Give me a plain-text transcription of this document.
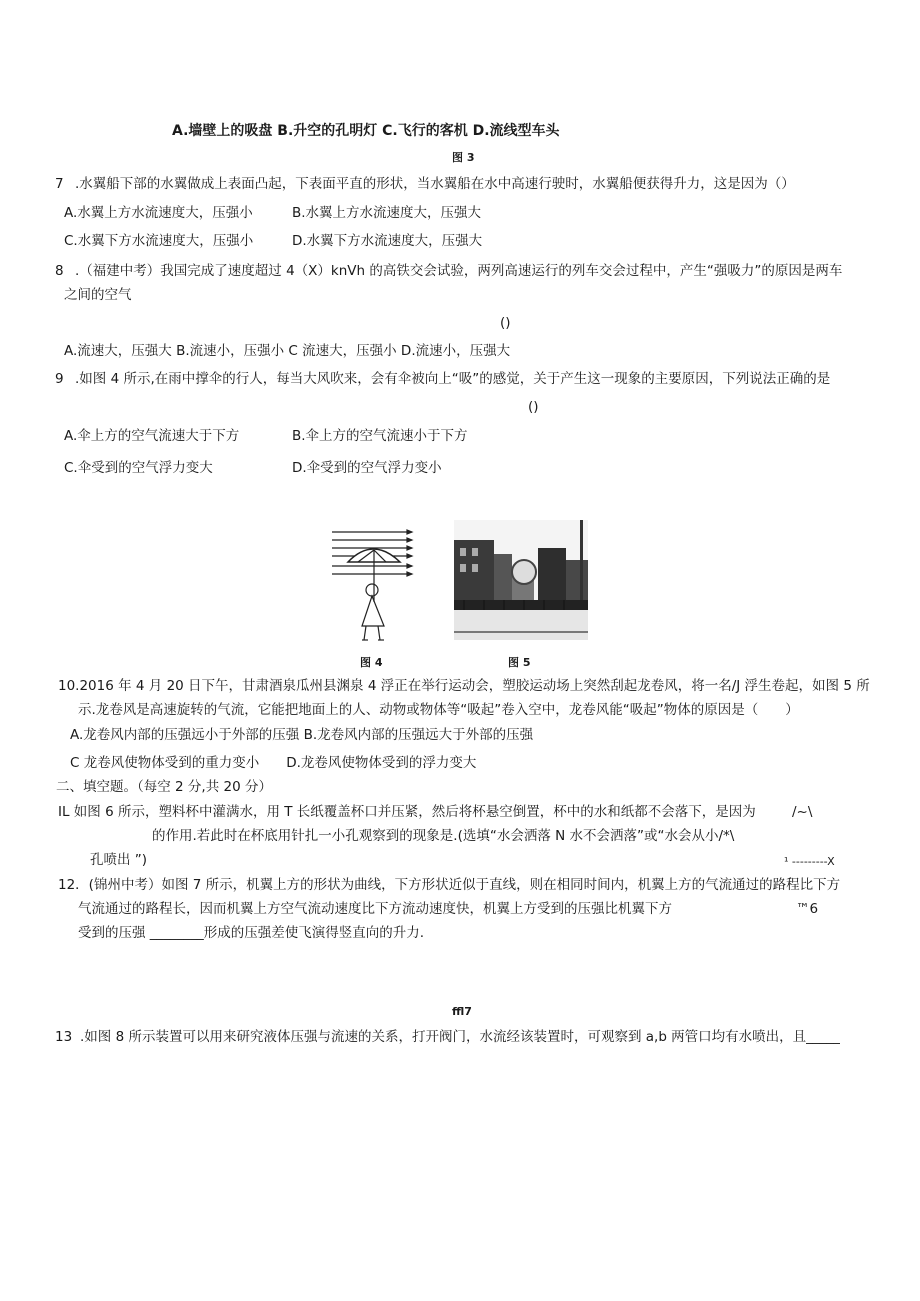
A.墙壁上的吸盘 B.升空的孔明灯 C.飞行的客机 D.流线型车头
图 3
7 .水翼船下部的水翼做成上表面凸起，下表面平直的形状，当水翼船在水中高速行驶时，水翼船便获得升力，这是因为（）
A.水翼上方水流速度大，压强小	B.水翼上方水流速度大，压强大
C.水翼下方水流速度大，压强小	D.水翼下方水流速度大，压强大
8 .（福建中考）我国完成了速度超过 4（X）knVh 的高铁交会试验，两列高速运行的列车交会过程中，产生“强吸力”的原因是两车
之间的空气
()
A.流速大，压强大 B.流速小，压强小 C 流速大，压强小 D.流速小，压强大
9 .如图 4 所示,在雨中撑伞的行人，每当大风吹来，会有伞被向上“吸”的感觉，关于产生这一现象的主要原因，下列说法正确的是
()
A.伞上方的空气流速大于下方	B.伞上方的空气流速小于下方
C.伞受到的空气浮力变大	D.伞受到的空气浮力变小
图 4	图 5
10.2016 年 4 月 20 日下午，甘肃酒泉瓜州县渊泉 4 浮正在举行运动会，塑胶运动场上突然刮起龙卷风，将一名/J 浮生卷起，如图 5 所
示.龙卷风是高速旋转的气流，它能把地面上的人、动物或物体等“吸起”卷入空中，龙卷风能“吸起”物体的原因是（　　）
A.龙卷风内部的压强远小于外部的压强 B.龙卷风内部的压强远大于外部的压强
C 龙卷风使物体受到的重力变小　　D.龙卷风使物体受到的浮力变大
二、填空题。（每空 2 分,共 20 分）
IL 如图 6 所示，塑料杯中灌满水，用 T 长纸覆盖杯口并压紧，然后将杯悬空倒置，杯中的水和纸都不会落下，是因为	/~\
的作用.若此时在杯底用针扎一小孔观察到的现象是.(选填“水会洒落 N 水不会洒落”或“水会从小/*\
孔喷出 ”)	¹ ---------X
12．(锦州中考）如图 7 所示，机翼上方的形状为曲线，下方形状近似于直线，则在相同时间内，机翼上方的气流通过的路程比下方
气流通过的路程长，因而机翼上方空气流动速度比下方流动速度快，机翼上方受到的压强比机翼下方	™6
受到的压强 ________形成的压强差使飞演得竖直向的升力.
ffl7
13 .如图 8 所示装置可以用来研究液体压强与流速的关系，打开阀门，水流经该装置时，可观察到 a,b 两管口均有水喷出，且_____
